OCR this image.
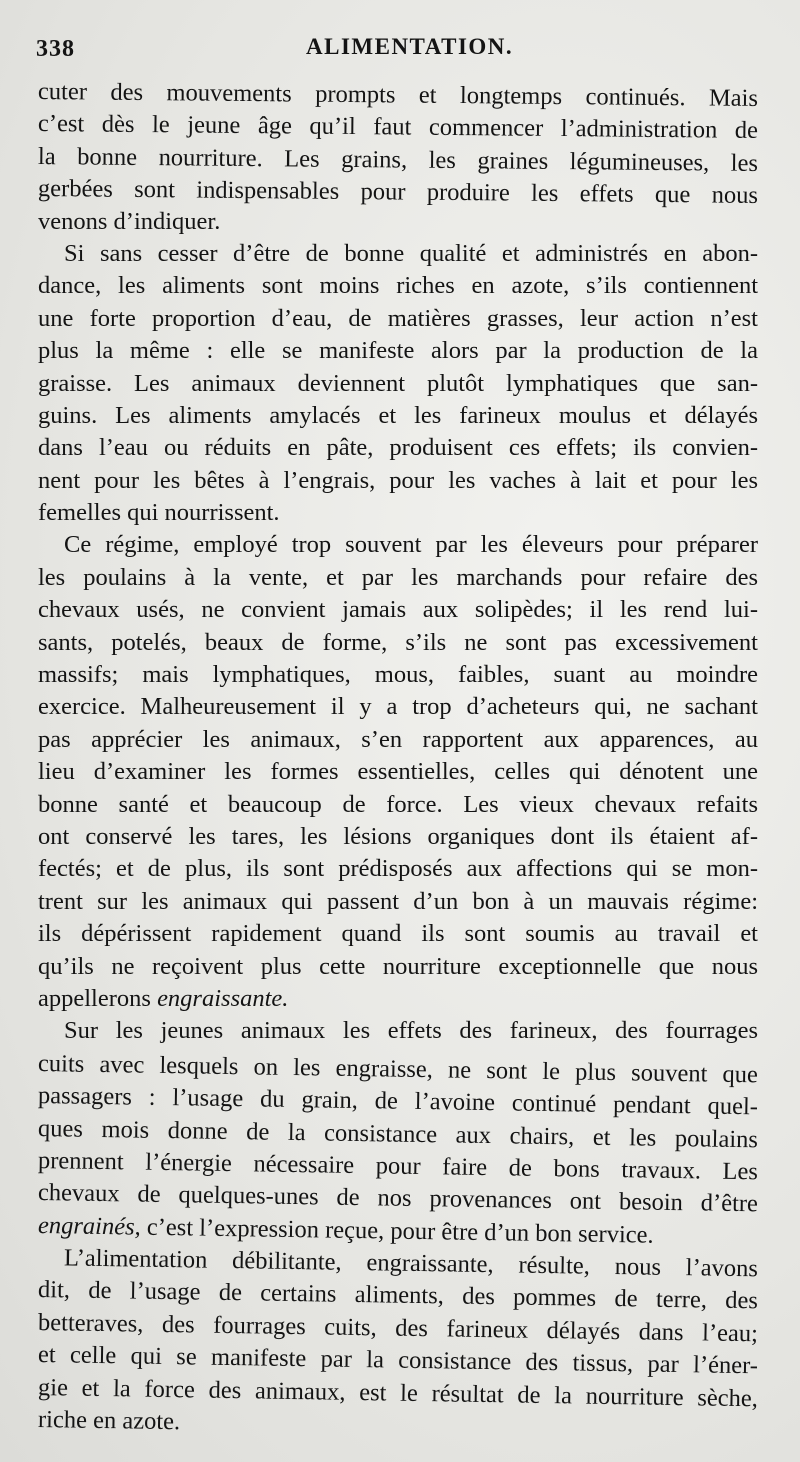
338	ALIMENTATION.
cuter des mouvements prompts et longtemps continués. Mais
c’est dès le jeune âge qu’il faut commencer l’administration de
la bonne nourriture. Les grains, les graines légumineuses, les
gerbées sont indispensables pour produire les effets que nous
venons d’indiquer.
Si sans cesser d’être de bonne qualité et administrés en abon-
dance, les aliments sont moins riches en azote, s’ils contiennent
une forte proportion d’eau, de matières grasses, leur action n’est
plus la même : elle se manifeste alors par la production de la
graisse. Les animaux deviennent plutôt lymphatiques que san-
guins. Les aliments amylacés et les farineux moulus et délayés
dans l’eau ou réduits en pâte, produisent ces effets; ils convien-
nent pour les bêtes à l’engrais, pour les vaches à lait et pour les
femelles qui nourrissent.
Ce régime, employé trop souvent par les éleveurs pour préparer
les poulains à la vente, et par les marchands pour refaire des
chevaux usés, ne convient jamais aux solipèdes; il les rend lui-
sants, potelés, beaux de forme, s’ils ne sont pas excessivement
massifs; mais lymphatiques, mous, faibles, suant au moindre
exercice. Malheureusement il y a trop d’acheteurs qui, ne sachant
pas apprécier les animaux, s’en rapportent aux apparences, au
lieu d’examiner les formes essentielles, celles qui dénotent une
bonne santé et beaucoup de force. Les vieux chevaux refaits
ont conservé les tares, les lésions organiques dont ils étaient af-
fectés; et de plus, ils sont prédisposés aux affections qui se mon-
trent sur les animaux qui passent d’un bon à un mauvais régime:
ils dépérissent rapidement quand ils sont soumis au travail et
qu’ils ne reçoivent plus cette nourriture exceptionnelle que nous
appellerons engraissante.
Sur les jeunes animaux les effets des farineux, des fourrages
cuits avec lesquels on les engraisse, ne sont le plus souvent que
passagers : l’usage du grain, de l’avoine continué pendant quel-
ques mois donne de la consistance aux chairs, et les poulains
prennent l’énergie nécessaire pour faire de bons travaux. Les
chevaux de quelques-unes de nos provenances ont besoin d’être
engrainés, c’est l’expression reçue, pour être d’un bon service.
L’alimentation débilitante, engraissante, résulte, nous l’avons
dit, de l’usage de certains aliments, des pommes de terre, des
betteraves, des fourrages cuits, des farineux délayés dans l’eau;
et celle qui se manifeste par la consistance des tissus, par l’éner-
gie et la force des animaux, est le résultat de la nourriture sèche,
riche en azote.
